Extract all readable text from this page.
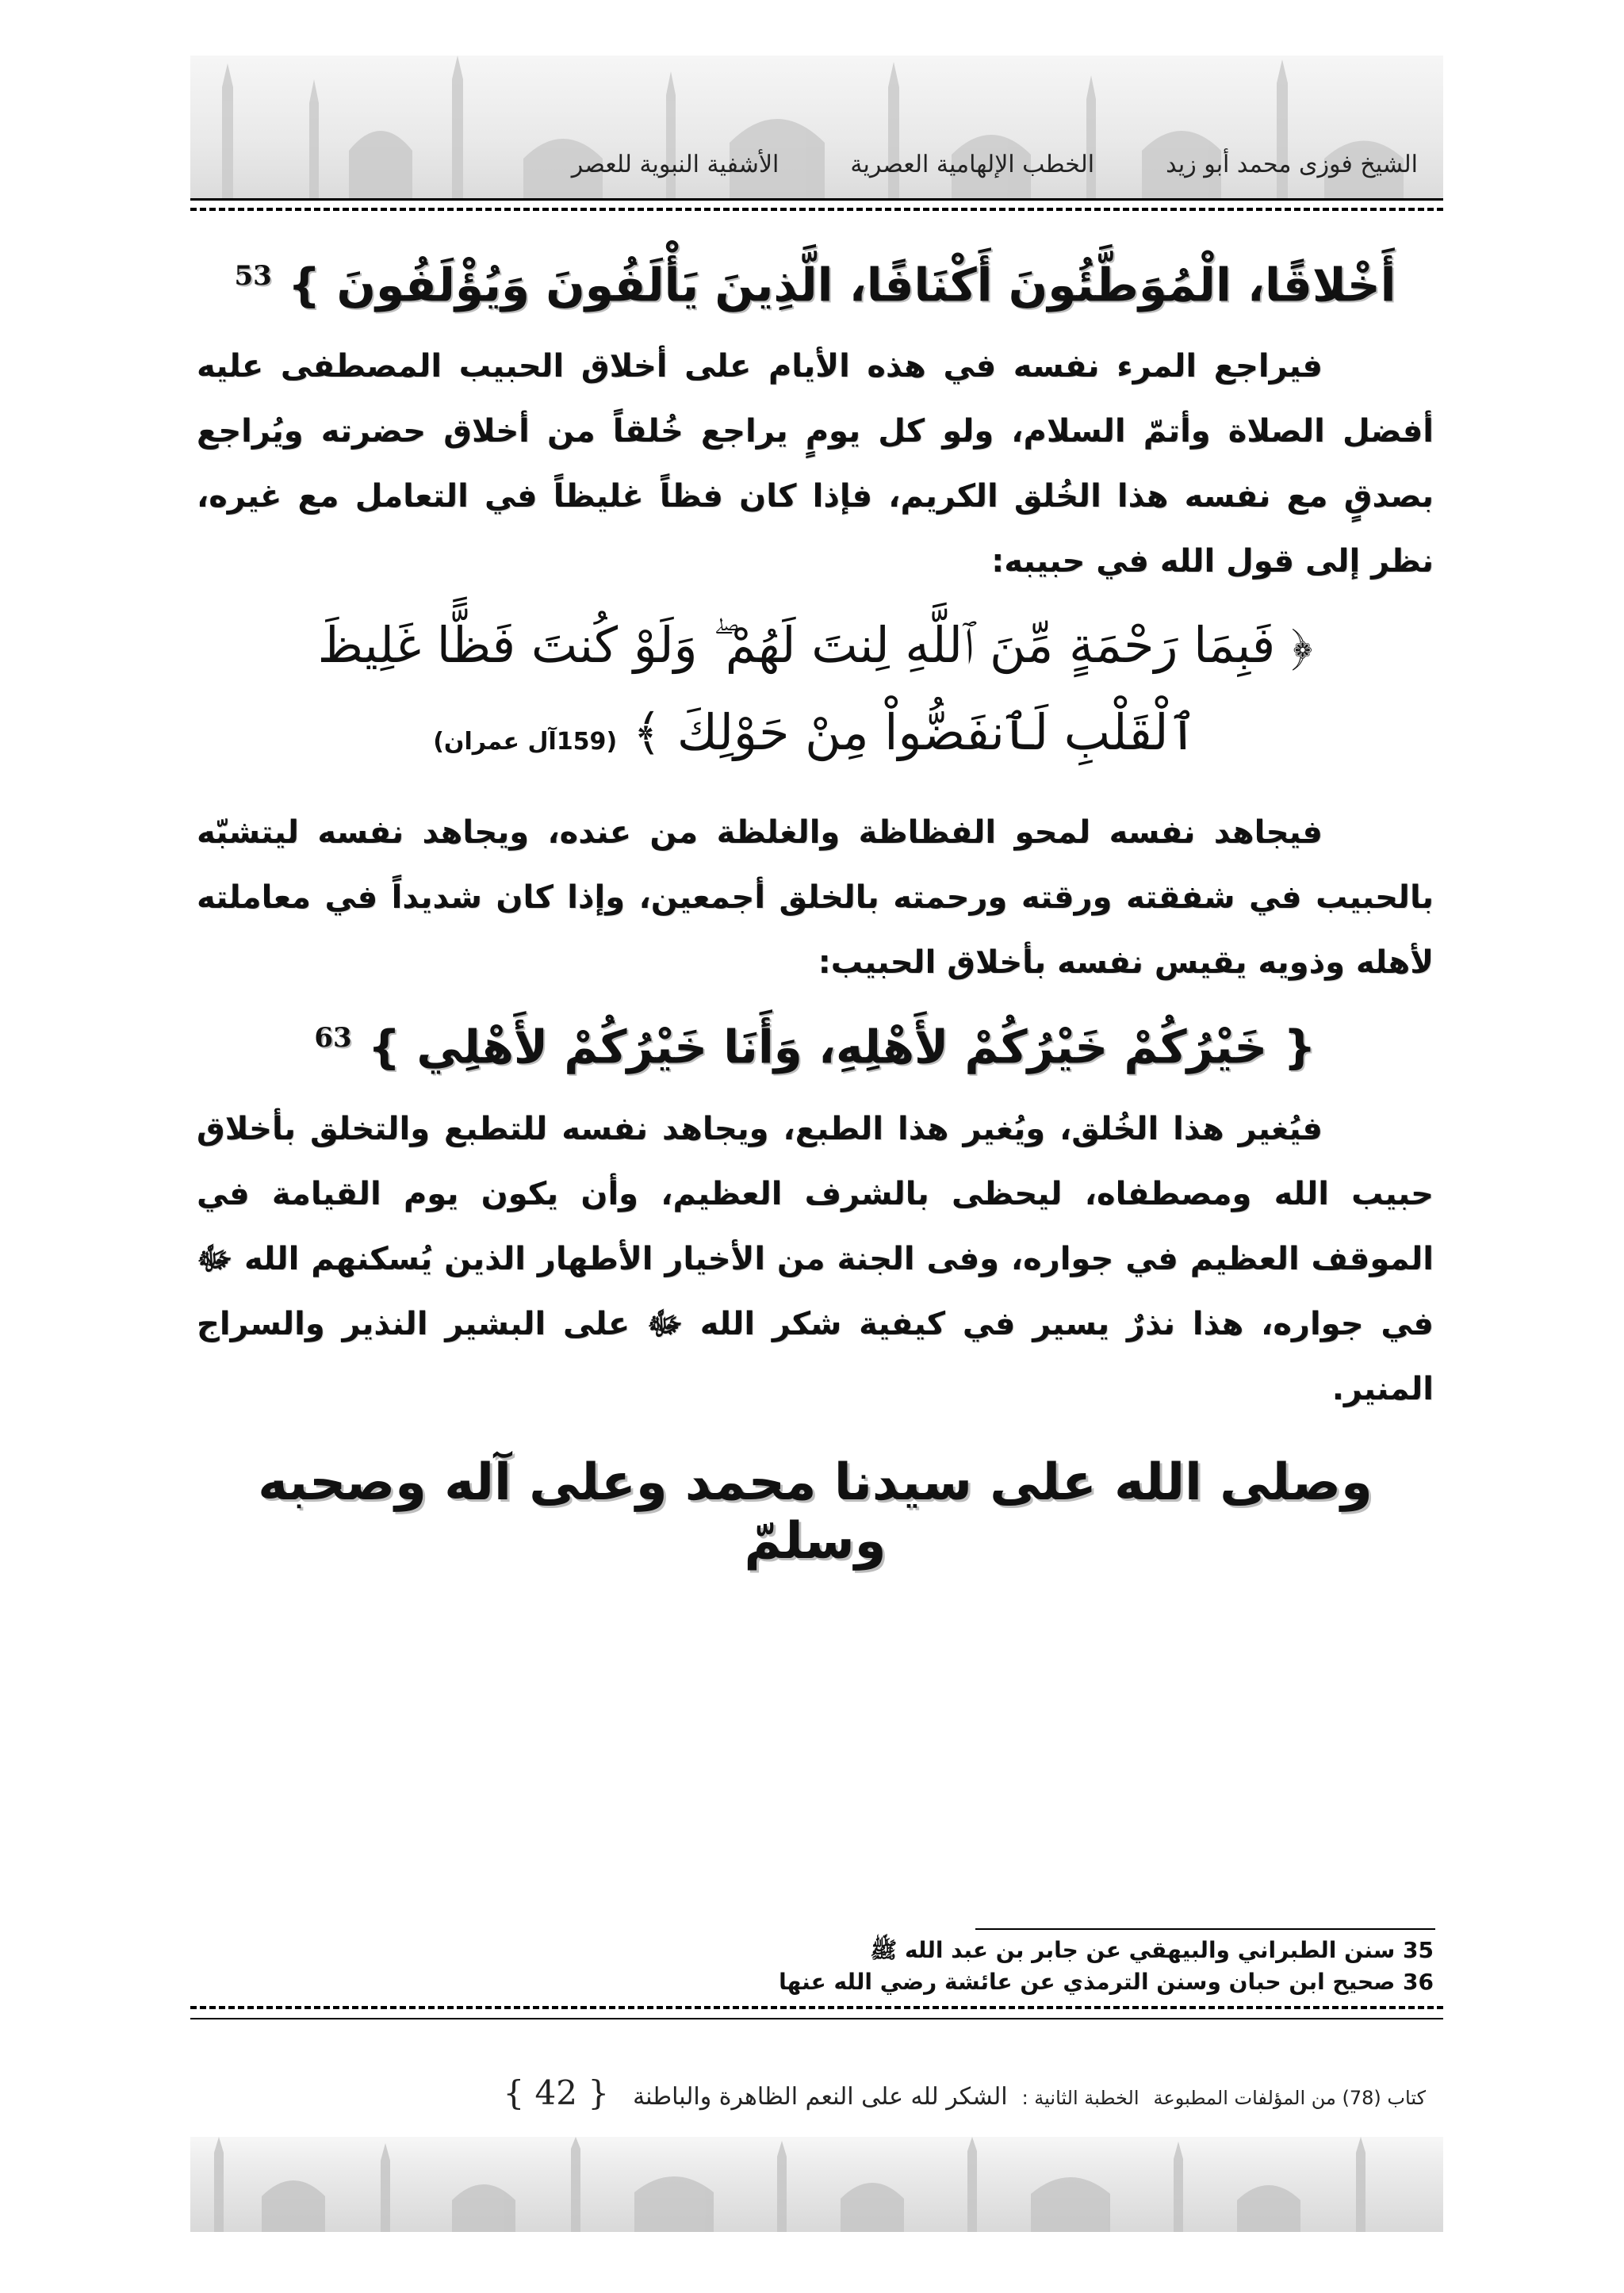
الشيخ فوزى محمد أبو زيد
الخطب الإلهامية العصرية
الأشفية النبوية للعصر

أَخْلاقًا، الْمُوَطَّئُونَ أَكْنَافًا، الَّذِينَ يَأْلَفُونَ وَيُؤْلَفُونَ } $^{53}$

فيراجع المرء نفسه في هذه الأيام على أخلاق الحبيب المصطفى عليه أفضل الصلاة وأتمّ السلام، ولو كل يومٍ يراجع خُلقاً من أخلاق حضرته ويُراجع بصدقٍ مع نفسه هذا الخُلق الكريم، فإذا كان فظاً غليظاً في التعامل مع غيره، نظر إلى قول الله في حبيبه:

﴿ فَبِمَا رَحْمَةٍ مِّنَ ٱللَّهِ لِنتَ لَهُمْ ۖ وَلَوْ كُنتَ فَظًّا غَلِيظَ
ٱلْقَلْبِ لَٱنفَضُّواْ مِنْ حَوْلِكَ ﴾ (159آل عمران)

فيجاهد نفسه لمحو الفظاظة والغلظة من عنده، ويجاهد نفسه ليتشبّه بالحبيب في شفقته ورقته ورحمته بالخلق أجمعين، وإذا كان شديداً في معاملته لأهله وذويه يقيس نفسه بأخلاق الحبيب:

{ خَيْرُكُمْ خَيْرُكُمْ لأَهْلِهِ، وَأَنَا خَيْرُكُمْ لأَهْلِي } $^{63}$

فيُغير هذا الخُلق، ويُغير هذا الطبع، ويجاهد نفسه للتطبع والتخلق بأخلاق حبيب الله ومصطفاه، ليحظى بالشرف العظيم، وأن يكون يوم القيامة في الموقف العظيم في جواره، وفى الجنة من الأخيار الأطهار الذين يُسكنهم الله ﷻ في جواره، هذا نذرٌ يسير في كيفية شكر الله ﷻ على البشير النذير والسراج المنير.

وصلى الله على سيدنا محمد وعلى آله وصحبه وسلمّ

35 سنن الطبراني والبيهقي عن جابر بن عبد الله ﷺ
36 صحيح ابن حبان وسنن الترمذي عن عائشة رضي الله عنها
كتاب (78) من المؤلفات المطبوعة
الخطبة الثانية :
الشكر لله على النعم الظاهرة والباطنة
{ 42 }
